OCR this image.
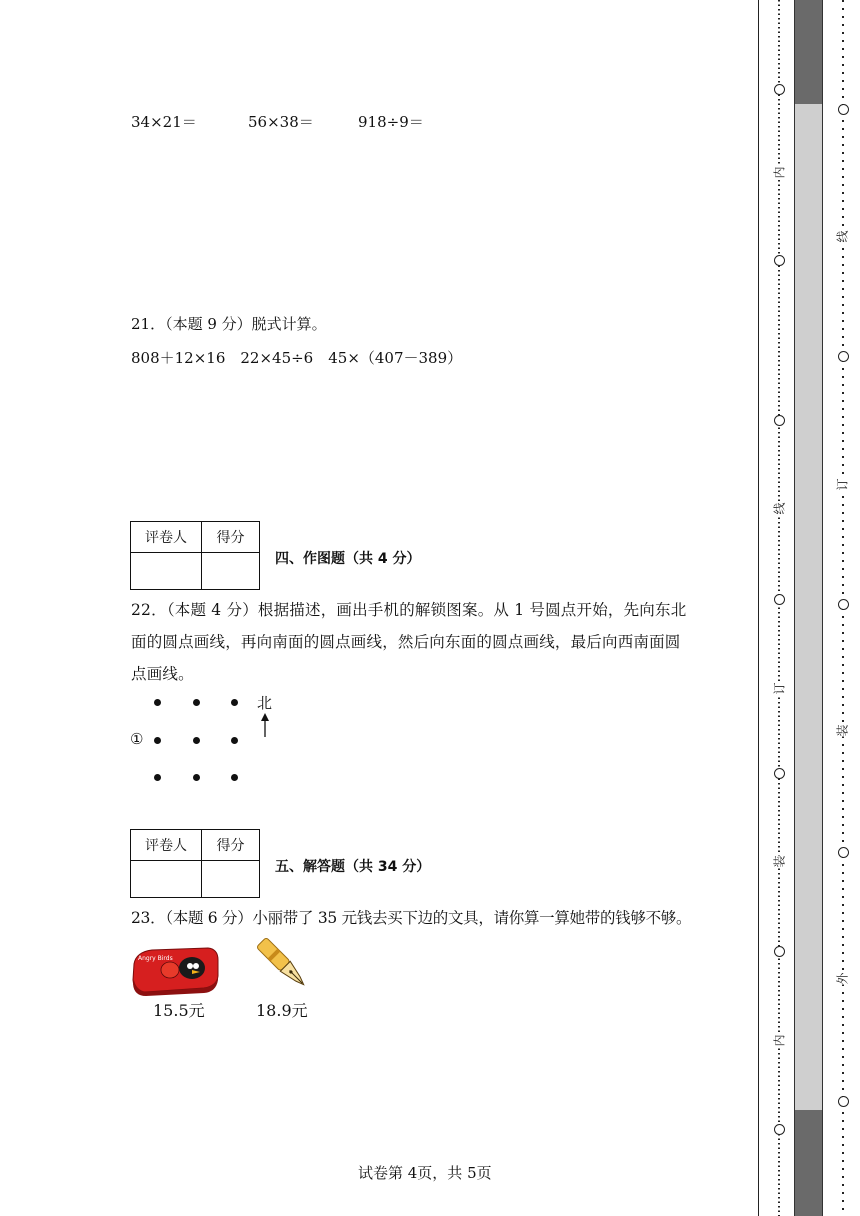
34×21＝	56×38＝	918÷9＝
21．（本题 9 分）脱式计算。
808＋12×16　22×45÷6　45×（407－389）
评卷人	得分

四、作图题（共 4 分）
22．（本题 4 分）根据描述，画出手机的解锁图案。从 1 号圆点开始，先向东北
面的圆点画线，再向南面的圆点画线，然后向东面的圆点画线，最后向西南面圆
点画线。
①
北
评卷人	得分

五、解答题（共 34 分）
23．（本题 6 分）小丽带了 35 元钱去买下边的文具，请你算一算她带的钱够不够。
Angry Birds
15.5元	18.9元
试卷第 4页，共 5页
内
线
订
装
内
线
订
装
外
